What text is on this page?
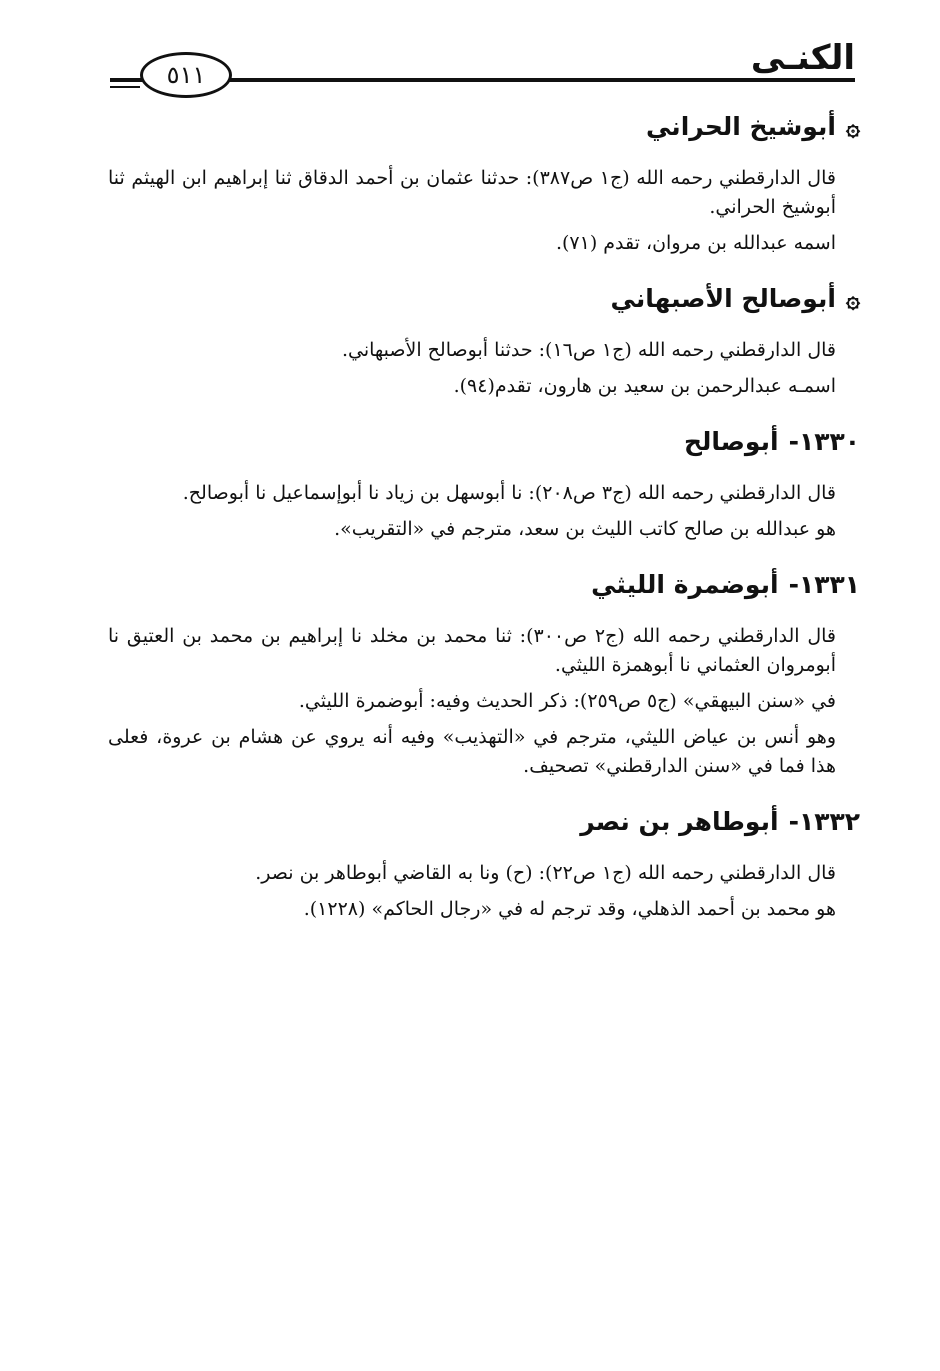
الكنـى
٥١١
۞
أبوشيخ الحراني

قال الدارقطني رحمه الله (ج١ ص٣٨٧): حدثنا عثمان بن أحمد الدقاق ثنا إبراهيم ابن الهيثم ثنا أبوشيخ الحراني.

اسمه عبدالله بن مروان، تقدم (٧١).

۞
أبوصالح الأصبهاني

قال الدارقطني رحمه الله (ج١ ص١٦): حدثنا أبوصالح الأصبهاني.

اسمـه عبدالرحمن بن سعيد بن هارون، تقدم(٩٤).

١٣٣٠-
أبوصالح

قال الدارقطني رحمه الله (ج٣ ص٢٠٨): نا أبوسهل بن زياد نا أبوإسماعيل نا أبوصالح.

هو عبدالله بن صالح كاتب الليث بن سعد، مترجم في «التقريب».

١٣٣١-
أبوضمرة الليثي

قال الدارقطني رحمه الله (ج٢ ص٣٠٠): ثنا محمد بن مخلد نا إبراهيم بن محمد بن العتيق نا أبومروان العثماني نا أبوهمزة الليثي.

في «سنن البيهقي» (ج٥ ص٢٥٩): ذكر الحديث وفيه: أبوضمرة الليثي.

وهو أنس بن عياض الليثي، مترجم في «التهذيب» وفيه أنه يروي عن هشام بن عروة، فعلى هذا فما في «سنن الدارقطني» تصحيف.

١٣٣٢-
أبوطاهر بن نصر

قال الدارقطني رحمه الله (ج١ ص٢٢): (ح) ونا به القاضي أبوطاهر بن نصر.

هو محمد بن أحمد الذهلي، وقد ترجم له في «رجال الحاكم» (١٢٢٨).
